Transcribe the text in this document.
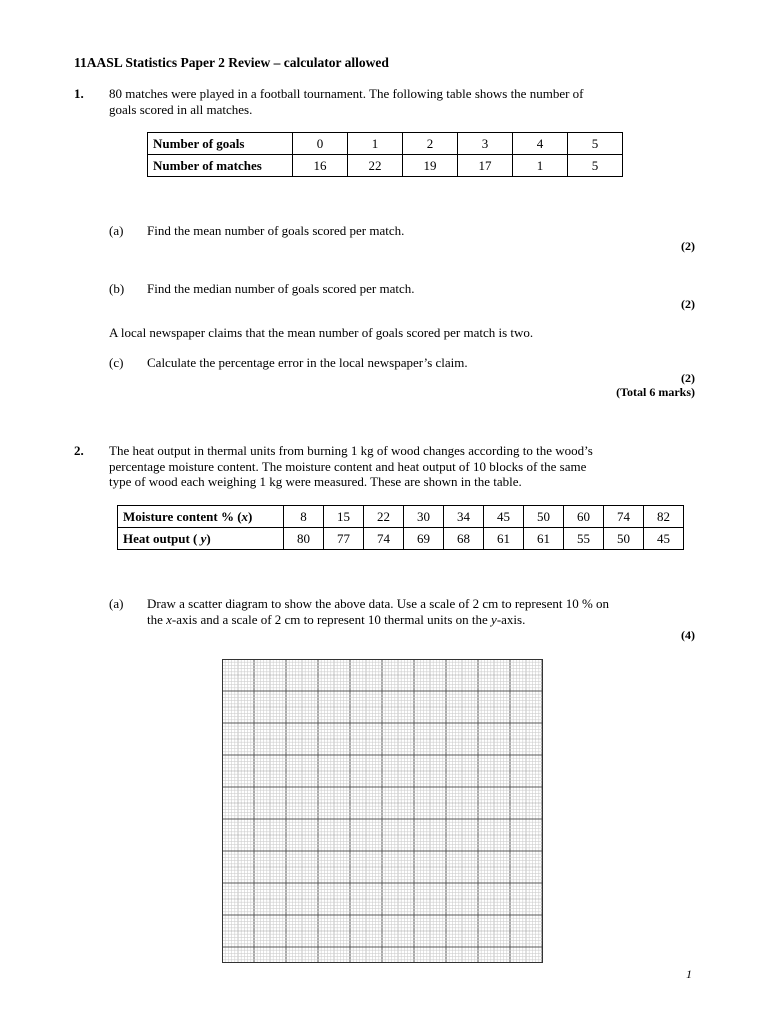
11AASL Statistics Paper 2 Review – calculator allowed
1. 80 matches were played in a football tournament. The following table shows the number of
goals scored in all matches.
Number of goals	0	1	2	3	4	5
Number of matches	16	22	19	17	1	5
(a) Find the mean number of goals scored per match.
(2)
(b) Find the median number of goals scored per match.
(2)
A local newspaper claims that the mean number of goals scored per match is two.
(c) Calculate the percentage error in the local newspaper’s claim.
(2)
(Total 6 marks)
2. The heat output in thermal units from burning 1 kg of wood changes according to the wood’s
percentage moisture content. The moisture content and heat output of 10 blocks of the same
type of wood each weighing 1 kg were measured. These are shown in the table.
Moisture content % (x)	8	15	22	30	34	45	50	60	74	82
Heat output ( y)	80	77	74	69	68	61	61	55	50	45
(a) Draw a scatter diagram to show the above data. Use a scale of 2 cm to represent 10 % on
the x-axis and a scale of 2 cm to represent 10 thermal units on the y-axis.
(4)
1
